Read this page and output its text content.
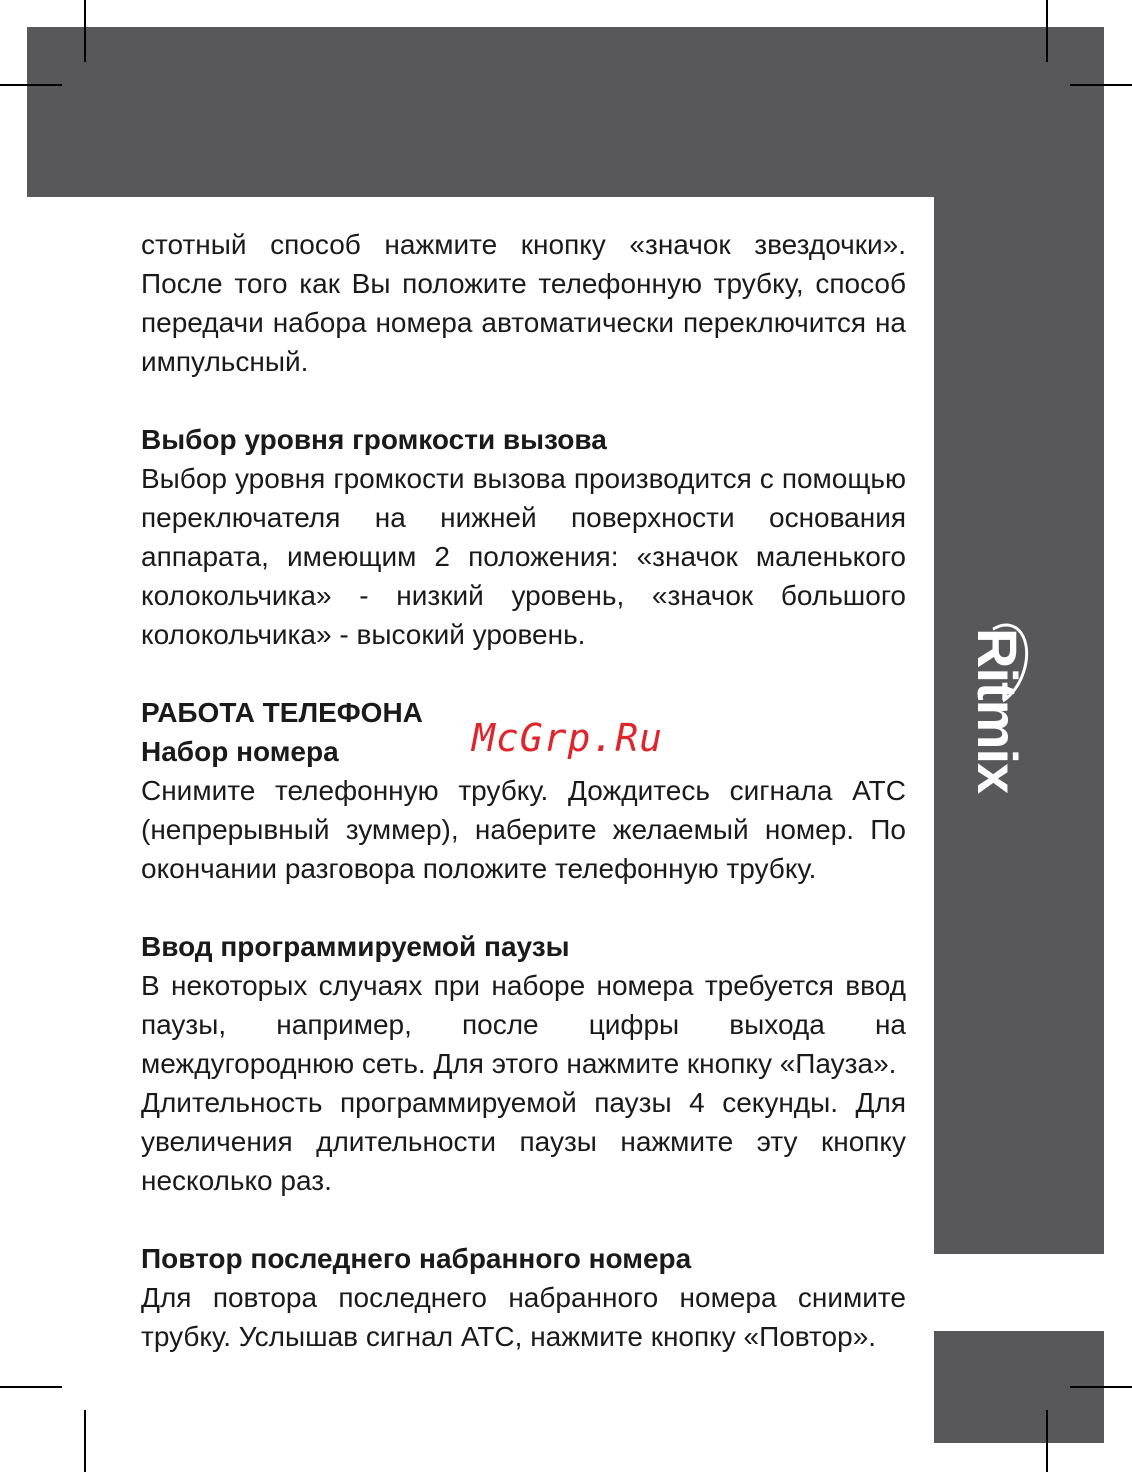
Ritmix
McGrp.Ru

стотный способ нажмите кнопку «значок звездочки». После того как Вы положите телефонную трубку, способ передачи набора номера автоматически переключится на импульсный.

Выбор уровня громкости вызова

Выбор уровня громкости вызова производится с помощью переключателя на нижней поверхности основания аппарата, имеющим 2 положения: «значок маленького колокольчика» - низкий уровень, «значок большого колокольчика» - высокий уровень.

РАБОТА ТЕЛЕФОНА
Набор номера

Снимите телефонную трубку. Дождитесь сигнала АТС (непрерывный зуммер), наберите желаемый номер. По окончании разговора положите телефонную трубку.

Ввод программируемой паузы

В некоторых случаях при наборе номера требуется ввод паузы, например, после цифры выхода на междугороднюю сеть. Для этого нажмите кнопку «Пауза».

Длительность программируемой паузы 4 секунды. Для увеличения длительности паузы нажмите эту кнопку несколько раз.

Повтор последнего набранного номера

Для повтора последнего набранного номера снимите трубку. Услышав сигнал АТС, нажмите кнопку «Повтор».
